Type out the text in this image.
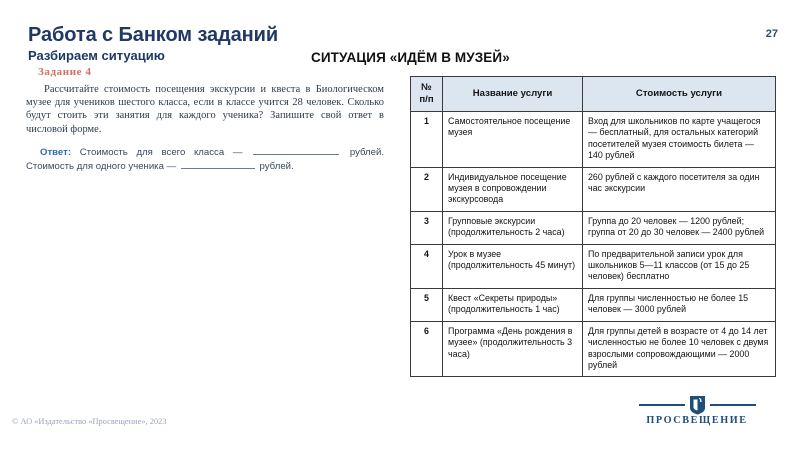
Работа с Банком заданий
Разбираем ситуацию	СИТУАЦИЯ «ИДЁМ В МУЗЕЙ»
27
Задание 4

Рассчитайте стоимость посещения экскурсии и квеста в Биологическом музее для учеников шестого класса, если в классе учится 28 человек. Сколько будут стоить эти занятия для каждого ученика? Запишите свой ответ в числовой форме.

Ответ: Стоимость для всего класса —	рублей. Стоимость для одного ученика —	рублей.

№
п/п	Название услуги	Стоимость услуги
1	Самостоятельное посещение музея	Вход для школьников по карте учащегося — бесплатный, для остальных категорий посетителей музея стоимость билета — 140 рублей
2	Индивидуальное посещение музея в сопровождении экскурсовода	260 рублей с каждого посетителя за один час экскурсии
3	Групповые экскурсии (продолжительность 2 часа)	Группа до 20 человек — 1200 рублей; группа от 20 до 30 человек — 2400 рублей
4	Урок в музее (продолжительность 45 минут)	По предварительной записи урок для школьников 5—11 классов (от 15 до 25 человек) бесплатно
5	Квест «Секреты природы» (продолжительность 1 час)	Для группы численностью не более 15 человек — 3000 рублей
6	Программа «День рождения в музее» (продолжительность 3 часа)	Для группы детей в возрасте от 4 до 14 лет численностью не более 10 человек с двумя взрослыми сопровождающими — 2000 рублей
© АО «Издательство «Просвещение», 2023	ПРОСВЕЩЕНИЕ
